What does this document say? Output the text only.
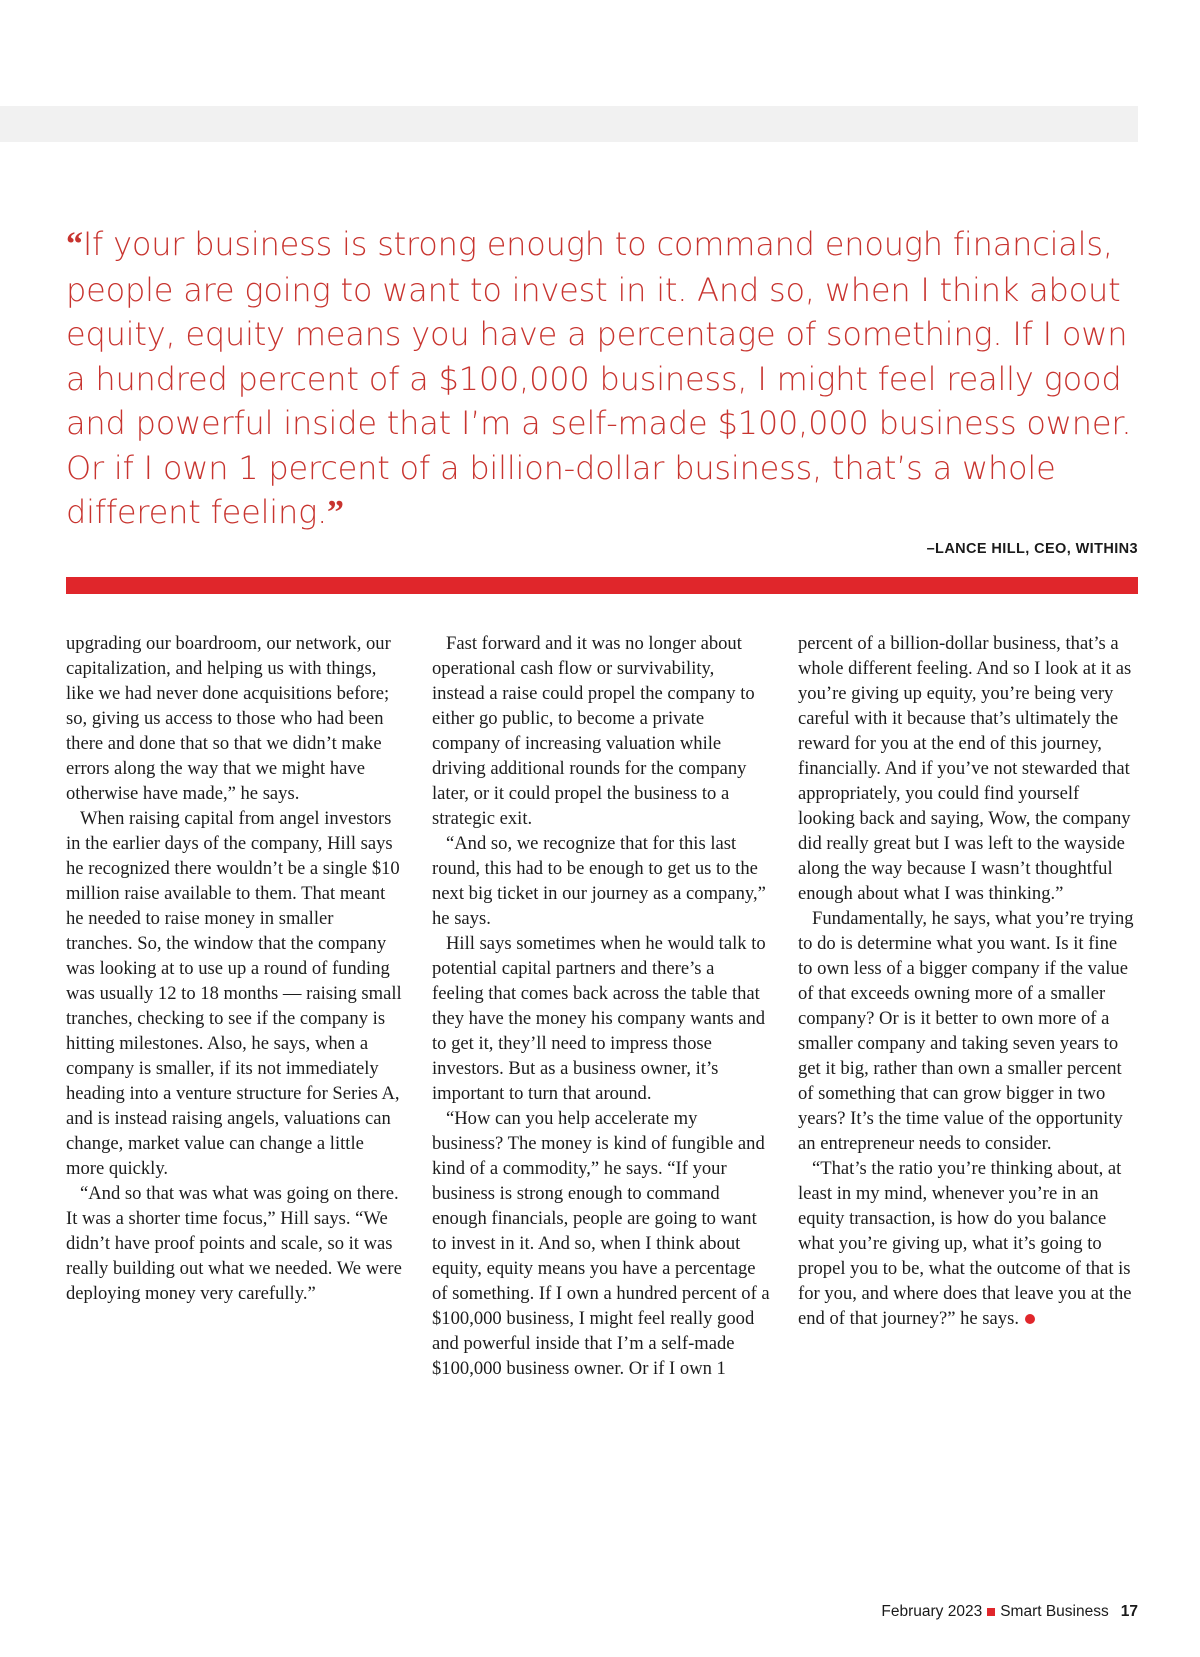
“If your business is strong enough to command enough financials, people are going to want to invest in it. And so, when I think about equity, equity means you have a percentage of something. If I own a hundred percent of a $100,000 business, I might feel really good and powerful inside that I’m a self-made $100,000 business owner. Or if I own 1 percent of a billion-dollar business, that’s a whole different feeling.”
–LANCE HILL, CEO, WITHIN3

upgrading our boardroom, our network, our capitalization, and helping us with things, like we had never done acquisitions before; so, giving us access to those who had been there and done that so that we didn’t make errors along the way that we might have otherwise have made,” he says.

When raising capital from angel investors in the earlier days of the company, Hill says he recognized there wouldn’t be a single $10 million raise available to them. That meant he needed to raise money in smaller tranches. So, the window that the company was looking at to use up a round of funding was usually 12 to 18 months — raising small tranches, checking to see if the company is hitting milestones. Also, he says, when a company is smaller, if its not immediately heading into a venture structure for Series A, and is instead raising angels, valuations can change, market value can change a little more quickly.

“And so that was what was going on there. It was a shorter time focus,” Hill says. “We didn’t have proof points and scale, so it was really building out what we needed. We were deploying money very carefully.”

Fast forward and it was no longer about operational cash flow or survivability, instead a raise could propel the company to either go public, to become a private company of increasing valuation while driving additional rounds for the company later, or it could propel the business to a strategic exit.

“And so, we recognize that for this last round, this had to be enough to get us to the next big ticket in our journey as a company,” he says.

Hill says sometimes when he would talk to potential capital partners and there’s a feeling that comes back across the table that they have the money his company wants and to get it, they’ll need to impress those investors. But as a business owner, it’s important to turn that around.

“How can you help accelerate my business? The money is kind of fungible and kind of a commodity,” he says. “If your business is strong enough to command enough financials, people are going to want to invest in it. And so, when I think about equity, equity means you have a percentage of something. If I own a hundred percent of a $100,000 business, I might feel really good and powerful inside that I’m a self-made $100,000 business owner. Or if I own 1

percent of a billion-dollar business, that’s a whole different feeling. And so I look at it as you’re giving up equity, you’re being very careful with it because that’s ultimately the reward for you at the end of this journey, financially. And if you’ve not stewarded that appropriately, you could find yourself looking back and saying, Wow, the company did really great but I was left to the wayside along the way because I wasn’t thoughtful enough about what I was thinking.”

Fundamentally, he says, what you’re trying to do is determine what you want. Is it fine to own less of a bigger company if the value of that exceeds owning more of a smaller company? Or is it better to own more of a smaller company and taking seven years to get it big, rather than own a smaller percent of something that can grow bigger in two years? It’s the time value of the opportunity an entrepreneur needs to consider.

“That’s the ratio you’re thinking about, at least in my mind, whenever you’re in an equity transaction, is how do you balance what you’re giving up, what it’s going to propel you to be, what the outcome of that is for you, and where does that leave you at the end of that journey?” he says.

February 2023 Smart Business 17
